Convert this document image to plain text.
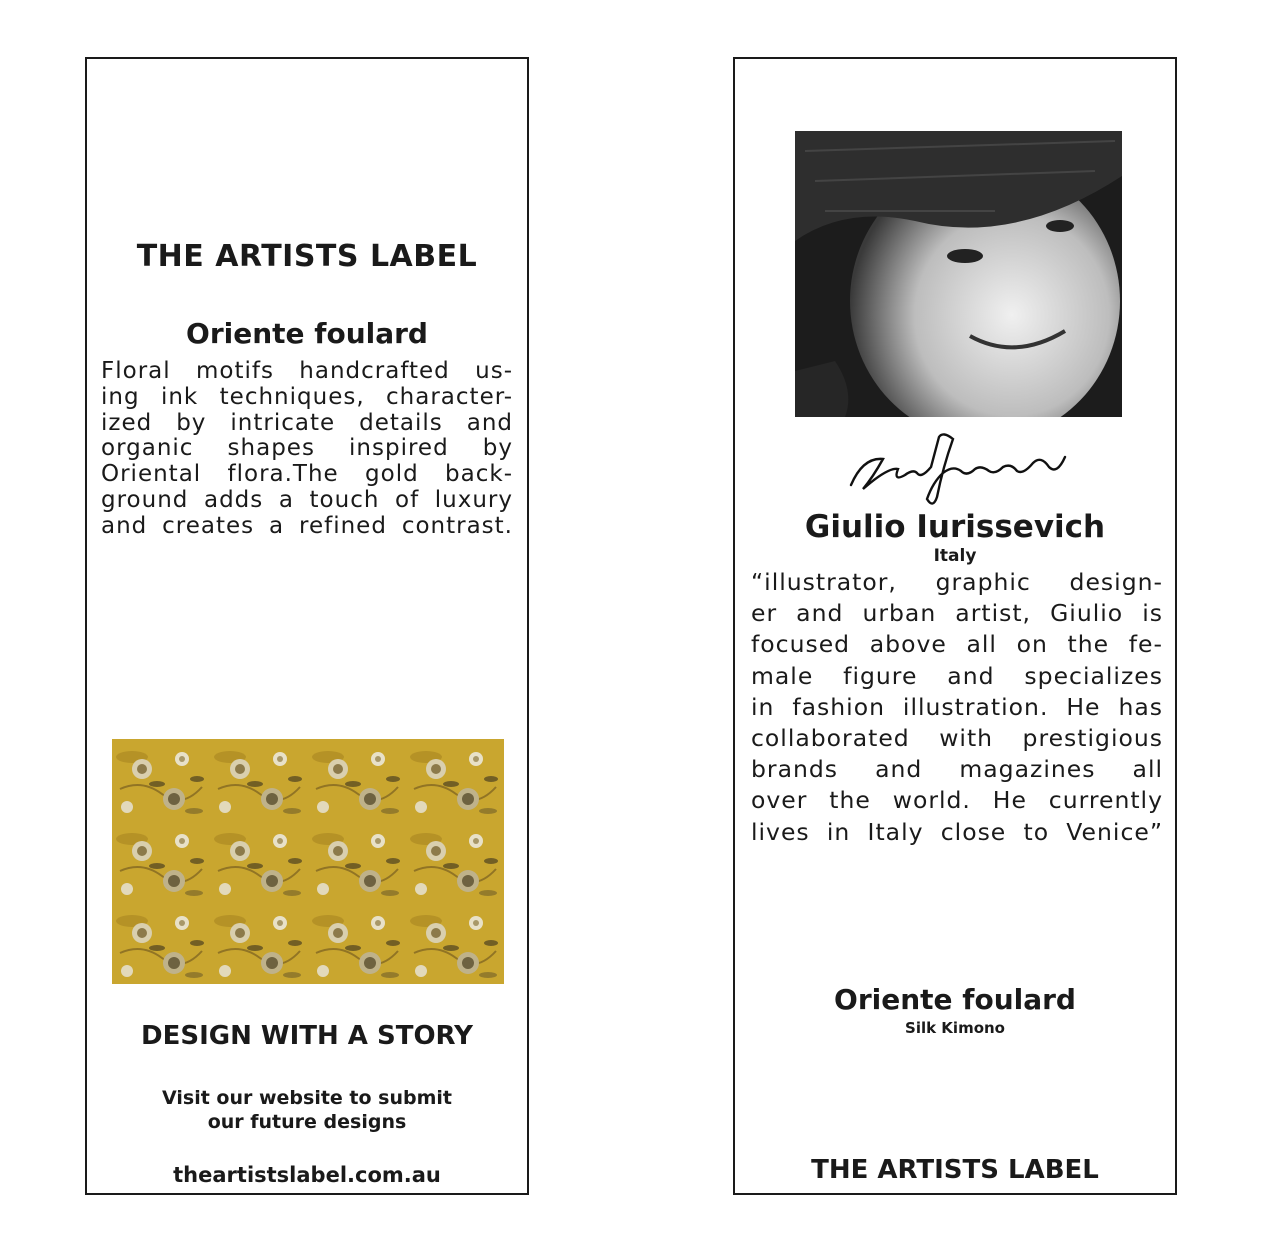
THE ARTISTS LABEL
Oriente foulard
Floral motifs handcrafted us-
ing ink techniques, character-
ized by intricate details and
organic shapes inspired by
Oriental flora.The gold back-
ground adds a touch of luxury
and creates a refined contrast.
DESIGN WITH A STORY
Visit our website to submit
our future designs
theartistslabel.com.au
Giulio Iurissevich
Italy
“illustrator, graphic design-
er and urban artist, Giulio is
focused above all on the fe-
male figure and specializes
in fashion illustration. He has
collaborated with prestigious
brands and magazines all
over the world. He currently
lives in Italy close to Venice”
Oriente foulard
Silk Kimono
THE ARTISTS LABEL
